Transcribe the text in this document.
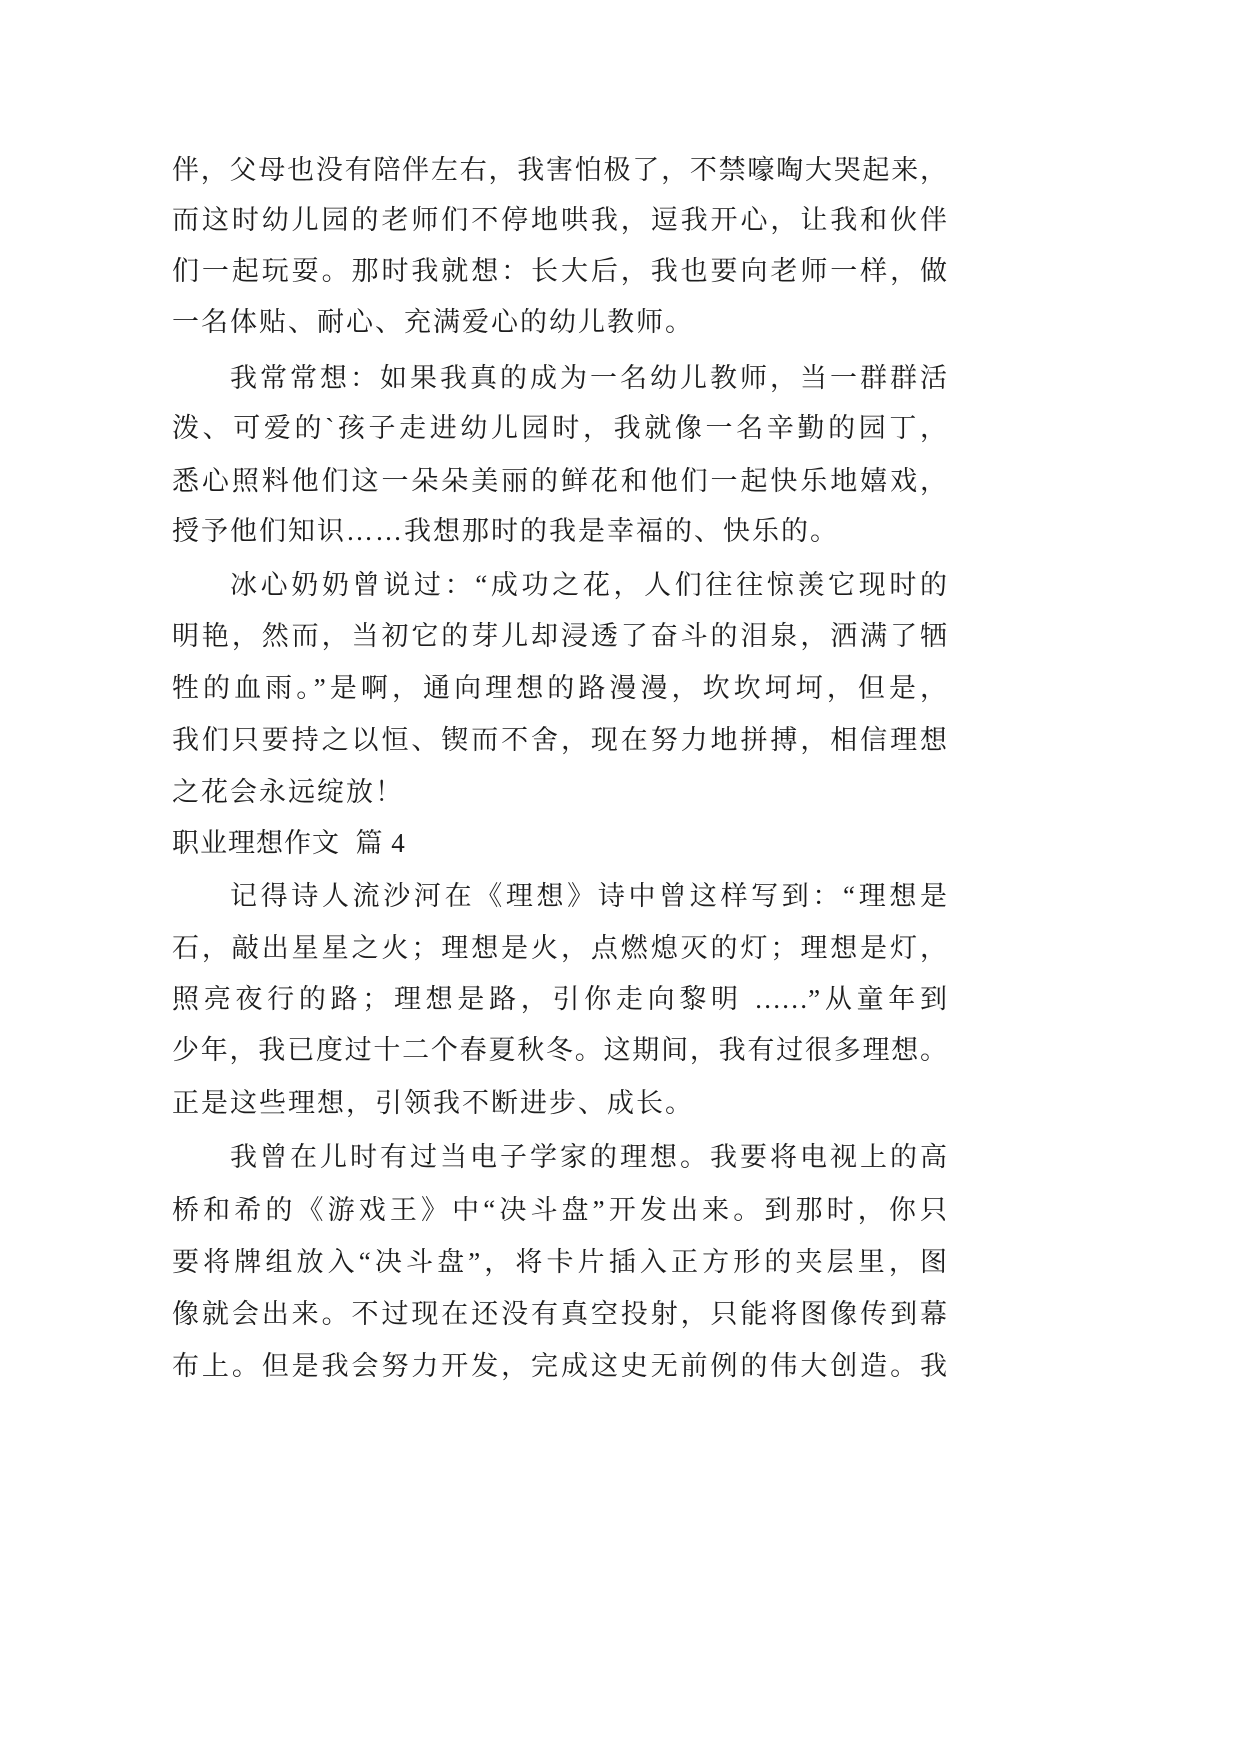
伴，父母也没有陪伴左右，我害怕极了，不禁嚎啕大哭起来，
而这时幼儿园的老师们不停地哄我，逗我开心，让我和伙伴
们一起玩耍。那时我就想：长大后，我也要向老师一样，做
一名体贴、耐心、充满爱心的幼儿教师。
我常常想：如果我真的成为一名幼儿教师，当一群群活
泼、可爱的`孩子走进幼儿园时，我就像一名辛勤的园丁，
悉心照料他们这一朵朵美丽的鲜花和他们一起快乐地嬉戏，
授予他们知识……我想那时的我是幸福的、快乐的。
冰心奶奶曾说过：“成功之花，人们往往惊羡它现时的
明艳，然而，当初它的芽儿却浸透了奋斗的泪泉，洒满了牺
牲的血雨。”是啊，通向理想的路漫漫，坎坎坷坷，但是，
我们只要持之以恒、锲而不舍，现在努力地拼搏，相信理想
之花会永远绽放！
职业理想作文  篇 4
记得诗人流沙河在《理想》诗中曾这样写到：“理想是
石，敲出星星之火；理想是火，点燃熄灭的灯；理想是灯，
照亮夜行的路；理想是路，引你走向黎明 ……”从童年到
少年，我已度过十二个春夏秋冬。这期间，我有过很多理想。
正是这些理想，引领我不断进步、成长。
我曾在儿时有过当电子学家的理想。我要将电视上的高
桥和希的《游戏王》中“决斗盘”开发出来。到那时，你只
要将牌组放入“决斗盘”，将卡片插入正方形的夹层里，图
像就会出来。不过现在还没有真空投射，只能将图像传到幕
布上。但是我会努力开发，完成这史无前例的伟大创造。我
